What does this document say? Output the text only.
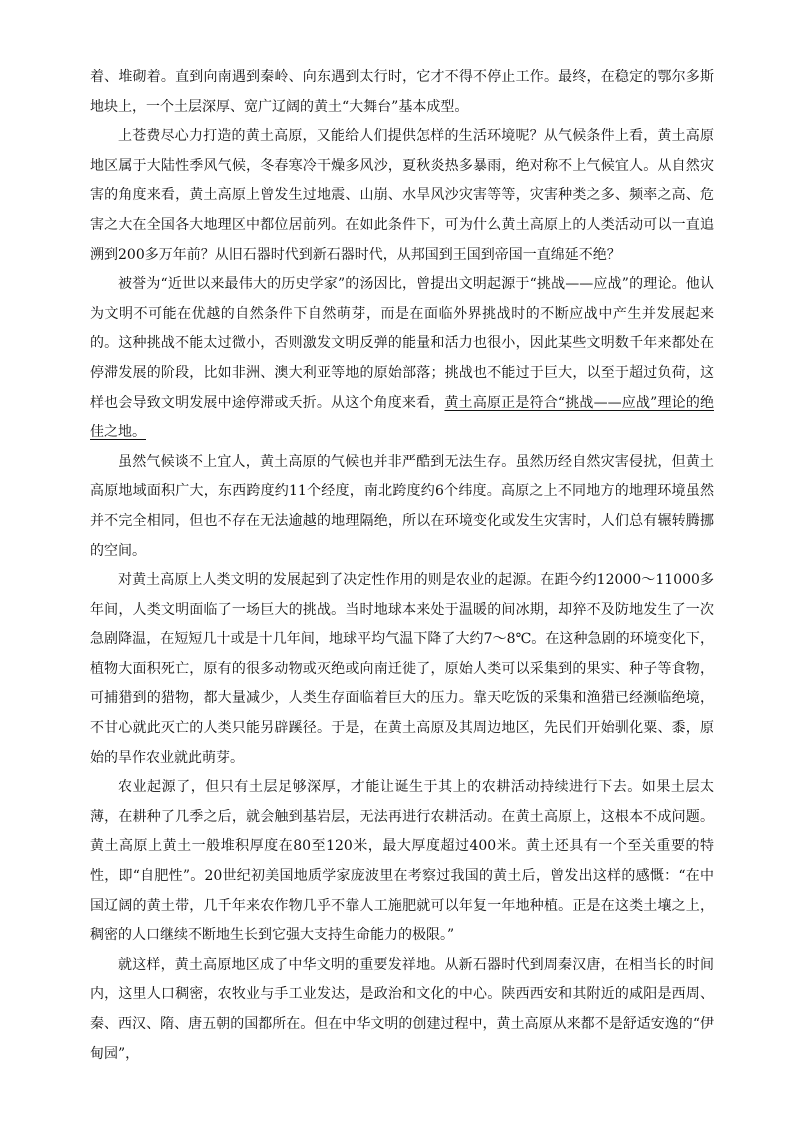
着、堆砌着。直到向南遇到秦岭、向东遇到太行时，它才不得不停止工作。最终，在稳定的鄂尔多斯地块上，一个土层深厚、宽广辽阔的黄土“大舞台”基本成型。

上苍费尽心力打造的黄土高原，又能给人们提供怎样的生活环境呢？从气候条件上看，黄土高原地区属于大陆性季风气候，冬春寒冷干燥多风沙，夏秋炎热多暴雨，绝对称不上气候宜人。从自然灾害的角度来看，黄土高原上曾发生过地震、山崩、水旱风沙灾害等等，灾害种类之多、频率之高、危害之大在全国各大地理区中都位居前列。在如此条件下，可为什么黄土高原上的人类活动可以一直追溯到200多万年前？从旧石器时代到新石器时代，从邦国到王国到帝国一直绵延不绝？

被誉为“近世以来最伟大的历史学家”的汤因比，曾提出文明起源于“挑战——应战”的理论。他认为文明不可能在优越的自然条件下自然萌芽，而是在面临外界挑战时的不断应战中产生并发展起来的。这种挑战不能太过微小，否则激发文明反弹的能量和活力也很小，因此某些文明数千年来都处在停滞发展的阶段，比如非洲、澳大利亚等地的原始部落；挑战也不能过于巨大，以至于超过负荷，这样也会导致文明发展中途停滞或夭折。从这个角度来看，黄土高原正是符合“挑战——应战”理论的绝佳之地。

虽然气候谈不上宜人，黄土高原的气候也并非严酷到无法生存。虽然历经自然灾害侵扰，但黄土高原地域面积广大，东西跨度约11个经度，南北跨度约6个纬度。高原之上不同地方的地理环境虽然并不完全相同，但也不存在无法逾越的地理隔绝，所以在环境变化或发生灾害时，人们总有辗转腾挪的空间。

对黄土高原上人类文明的发展起到了决定性作用的则是农业的起源。在距今约12000～11000多年间，人类文明面临了一场巨大的挑战。当时地球本来处于温暖的间冰期，却猝不及防地发生了一次急剧降温，在短短几十或是十几年间，地球平均气温下降了大约7～8℃。在这种急剧的环境变化下，植物大面积死亡，原有的很多动物或灭绝或向南迁徙了，原始人类可以采集到的果实、种子等食物，可捕猎到的猎物，都大量减少，人类生存面临着巨大的压力。靠天吃饭的采集和渔猎已经濒临绝境，不甘心就此灭亡的人类只能另辟蹊径。于是，在黄土高原及其周边地区，先民们开始驯化粟、黍，原始的旱作农业就此萌芽。

农业起源了，但只有土层足够深厚，才能让诞生于其上的农耕活动持续进行下去。如果土层太薄，在耕种了几季之后，就会触到基岩层，无法再进行农耕活动。在黄土高原上，这根本不成问题。黄土高原上黄土一般堆积厚度在80至120米，最大厚度超过400米。黄土还具有一个至关重要的特性，即“自肥性”。20世纪初美国地质学家庞波里在考察过我国的黄土后，曾发出这样的感慨：“在中国辽阔的黄土带，几千年来农作物几乎不靠人工施肥就可以年复一年地种植。正是在这类土壤之上，稠密的人口继续不断地生长到它强大支持生命能力的极限。”

就这样，黄土高原地区成了中华文明的重要发祥地。从新石器时代到周秦汉唐，在相当长的时间内，这里人口稠密，农牧业与手工业发达，是政治和文化的中心。陕西西安和其附近的咸阳是西周、秦、西汉、隋、唐五朝的国都所在。但在中华文明的创建过程中，黄土高原从来都不是舒适安逸的“伊甸园”，
